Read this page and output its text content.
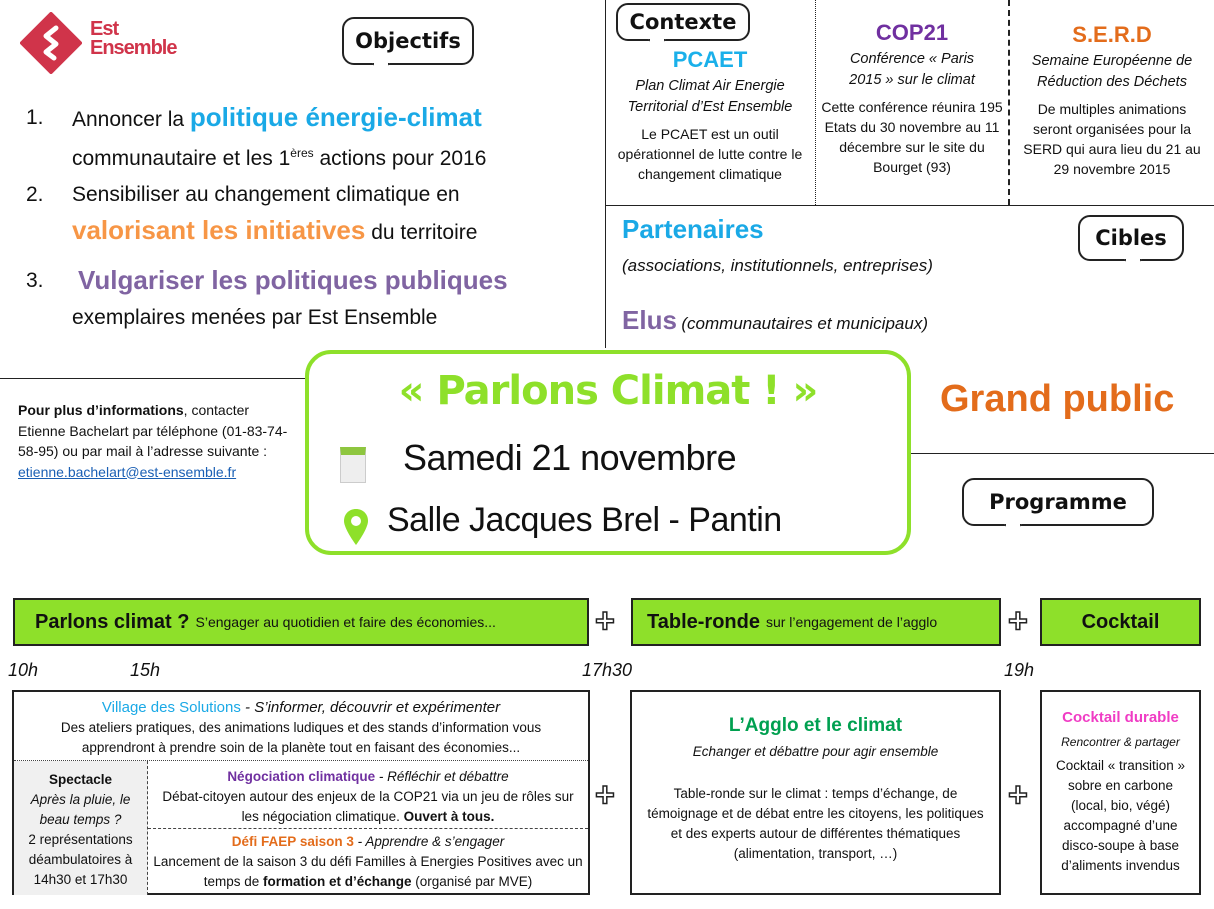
Est
Ensemble	Objectifs
1.	Annoncer la politique énergie-climat
communautaire et les 1ères actions pour 2016
2.	Sensibiliser au changement climatique en
valorisant les initiatives du territoire
3.	Vulgariser les politiques publiques
exemplaires menées par Est Ensemble
Contexte
PCAET
Plan Climat Air Energie Territorial d’Est Ensemble
Le PCAET est un outil opérationnel de lutte contre le changement climatique
COP21
Conférence « Paris 2015 » sur le climat
Cette conférence réunira 195 Etats du 30 novembre au 11 décembre sur le site du Bourget (93)
S.E.R.D
Semaine Européenne de Réduction des Déchets
De multiples animations seront organisées pour la SERD qui aura lieu du 21 au 29 novembre 2015
Cibles
Partenaires
(associations, institutionnels, entreprises)
Elus (communautaires et municipaux)
Grand public
Pour plus d’informations, contacter Etienne Bachelart par téléphone (01-83-74-58-95) ou par mail à l’adresse suivante :
etienne.bachelart@est-ensemble.fr
« Parlons Climat ! »
Samedi 21 novembre
Salle Jacques Brel - Pantin	Programme
Parlons climat ? S’engager au quotidien et faire des économies...	+ Table-ronde sur l’engagement de l’agglo +	Cocktail
10h	15h	17h30	19h
Village des Solutions - S’informer, découvrir et expérimenter
Des ateliers pratiques, des animations ludiques et des stands d’information vous apprendront à prendre soin de la planète tout en faisant des économies...
Spectacle
Après la pluie, le beau temps ?
2 représentations déambulatoires à 14h30 et 17h30
Négociation climatique - Réfléchir et débattre
Débat-citoyen autour des enjeux de la COP21 via un jeu de rôles sur les négociation climatique. Ouvert à tous.
Défi FAEP saison 3 - Apprendre & s’engager
Lancement de la saison 3 du défi Familles à Energies Positives avec un temps de formation et d’échange (organisé par MVE)
+
L’Agglo et le climat
Echanger et débattre pour agir ensemble
Table-ronde sur le climat : temps d’échange, de témoignage et de débat entre les citoyens, les politiques et des experts autour de différentes thématiques (alimentation, transport, …)
+
Cocktail durable
Rencontrer & partager
Cocktail « transition » sobre en carbone (local, bio, végé) accompagné d’une disco-soupe à base d’aliments invendus
